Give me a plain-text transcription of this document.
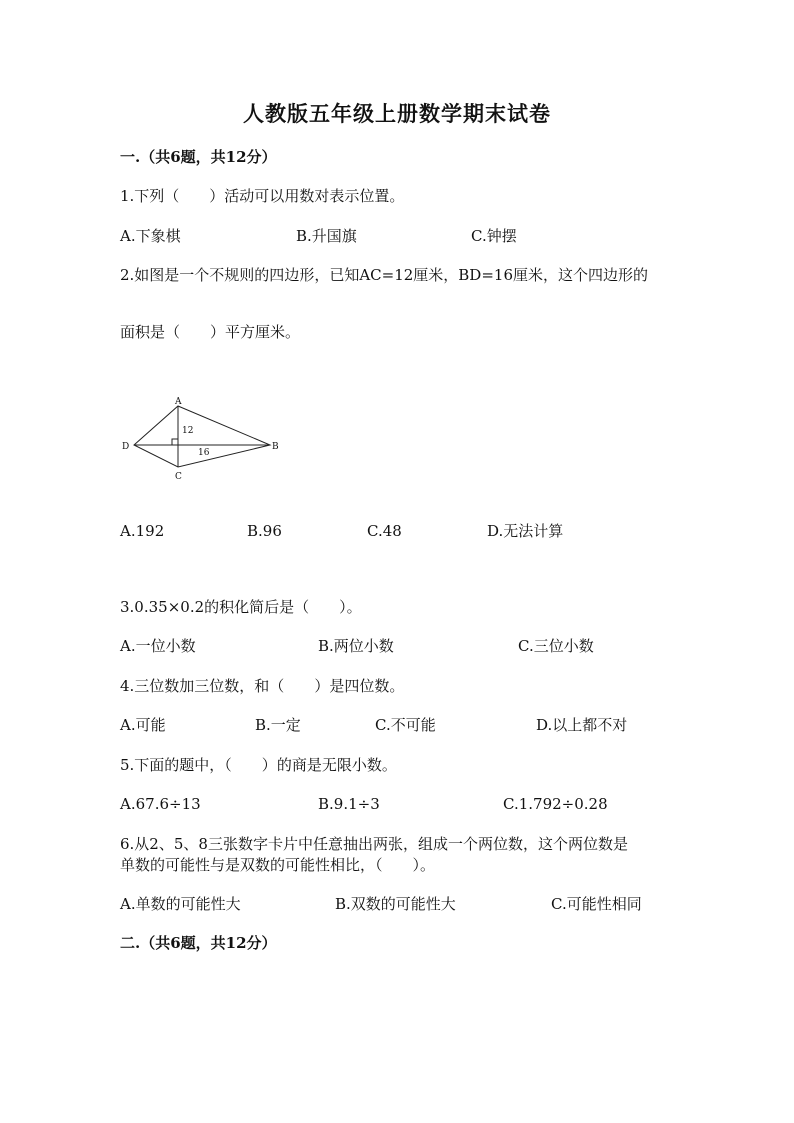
人教版五年级上册数学期末试卷
一.（共6题，共12分）
1.下列（　　）活动可以用数对表示位置。
A.下象棋	B.升国旗	C.钟摆
2.如图是一个不规则的四边形，已知AC=12厘米，BD=16厘米，这个四边形的
面积是（　　）平方厘米。
A
B
C
D
12
16
A.192	B.96	C.48	D.无法计算
3.0.35×0.2的积化简后是（　　）。
A.一位小数	B.两位小数	C.三位小数
4.三位数加三位数，和（　　）是四位数。
A.可能	B.一定	C.不可能	D.以上都不对
5.下面的题中，（　　）的商是无限小数。
A.67.6÷13	B.9.1÷3	C.1.792÷0.28
6.从2、5、8三张数字卡片中任意抽出两张，组成一个两位数，这个两位数是
单数的可能性与是双数的可能性相比，（　　）。
A.单数的可能性大	B.双数的可能性大	C.可能性相同
二.（共6题，共12分）
